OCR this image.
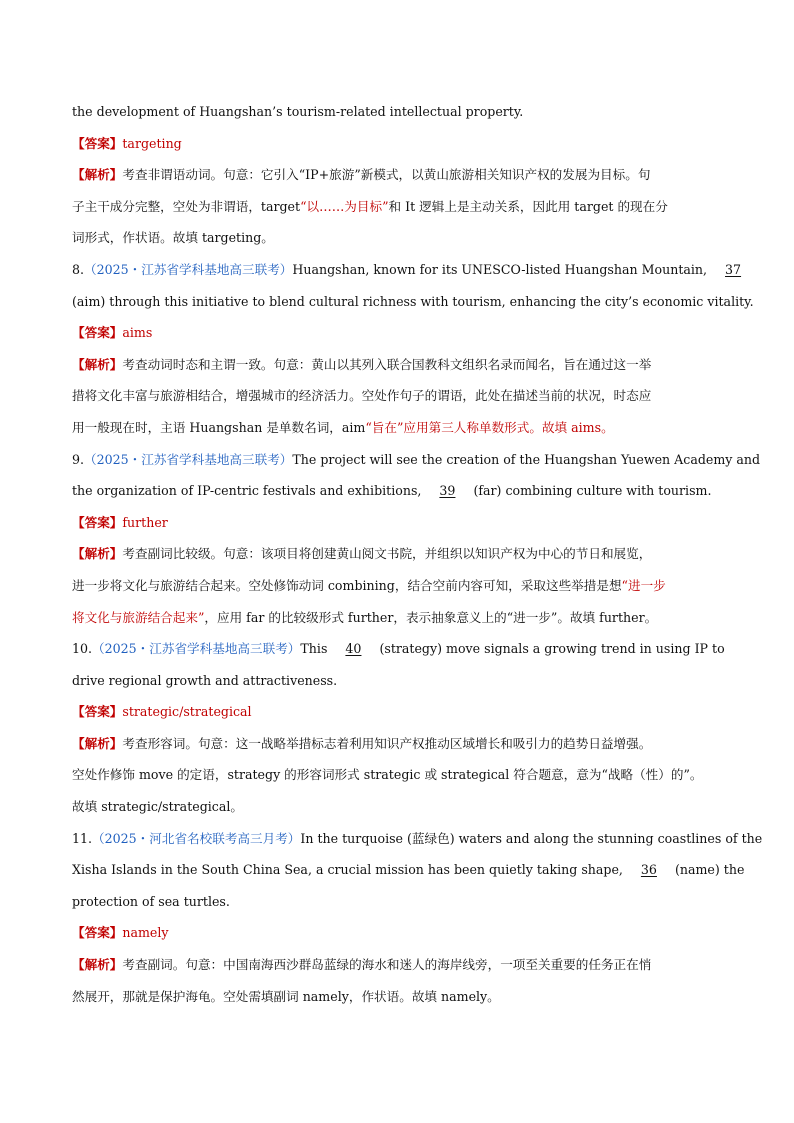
the development of Huangshan’s tourism-related intellectual property.
【答案】targeting
【解析】考查非谓语动词。句意：它引入“IP+旅游”新模式，以黄山旅游相关知识产权的发展为目标。句
子主干成分完整，空处为非谓语，target“以……为目标”和 It 逻辑上是主动关系，因此用 target 的现在分
词形式，作状语。故填 targeting。
8.（2025・江苏省学科基地高三联考）Huangshan, known for its UNESCO-listed Huangshan Mountain, 37
(aim) through this initiative to blend cultural richness with tourism, enhancing the city’s economic vitality.
【答案】aims
【解析】考查动词时态和主谓一致。句意：黄山以其列入联合国教科文组织名录而闻名，旨在通过这一举
措将文化丰富与旅游相结合，增强城市的经济活力。空处作句子的谓语，此处在描述当前的状况，时态应
用一般现在时，主语 Huangshan 是单数名词，aim“旨在”应用第三人称单数形式。故填 aims。
9.（2025・江苏省学科基地高三联考）The project will see the creation of the Huangshan Yuewen Academy and
the organization of IP-centric festivals and exhibitions, 39 (far) combining culture with tourism.
【答案】further
【解析】考查副词比较级。句意：该项目将创建黄山阅文书院，并组织以知识产权为中心的节日和展览，
进一步将文化与旅游结合起来。空处修饰动词 combining，结合空前内容可知，采取这些举措是想“进一步
将文化与旅游结合起来”，应用 far 的比较级形式 further，表示抽象意义上的“进一步”。故填 further。
10.（2025・江苏省学科基地高三联考）This 40 (strategy) move signals a growing trend in using IP to
drive regional growth and attractiveness.
【答案】strategic/strategical
【解析】考查形容词。句意：这一战略举措标志着利用知识产权推动区域增长和吸引力的趋势日益增强。
空处作修饰 move 的定语，strategy 的形容词形式 strategic 或 strategical 符合题意，意为“战略（性）的”。
故填 strategic/strategical。
11.（2025・河北省名校联考高三月考）In the turquoise (蓝绿色) waters and along the stunning coastlines of the
Xisha Islands in the South China Sea, a crucial mission has been quietly taking shape, 36 (name) the
protection of sea turtles.
【答案】namely
【解析】考查副词。句意：中国南海西沙群岛蓝绿的海水和迷人的海岸线旁，一项至关重要的任务正在悄
然展开，那就是保护海龟。空处需填副词 namely，作状语。故填 namely。
